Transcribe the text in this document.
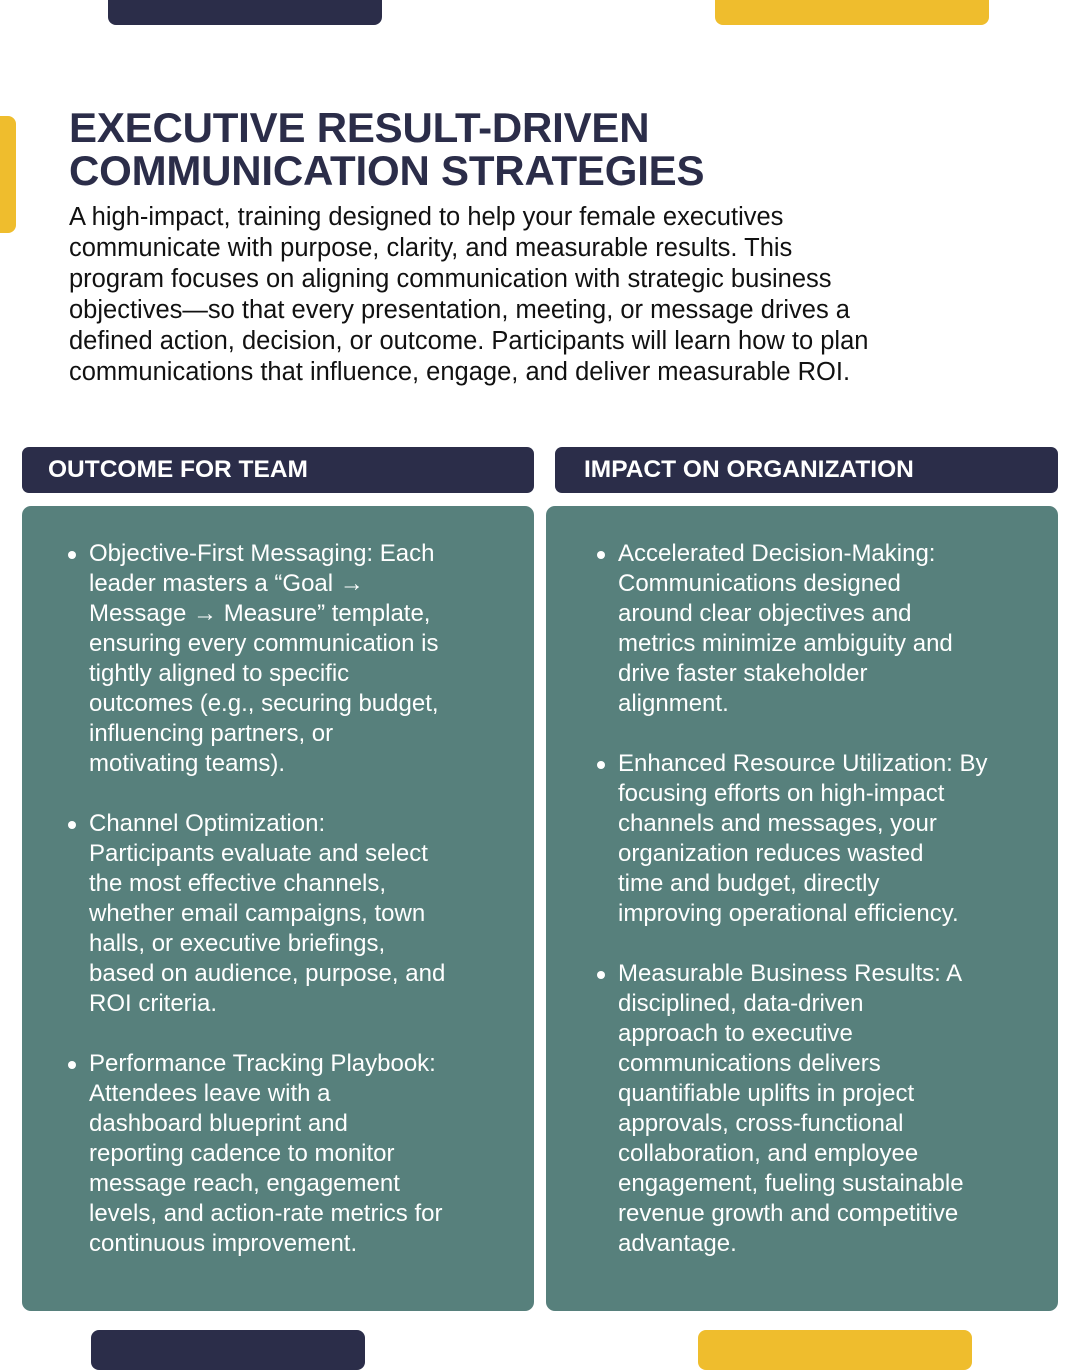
EXECUTIVE RESULT-DRIVEN
COMMUNICATION STRATEGIES

A high-impact, training designed to help your female executives
communicate with purpose, clarity, and measurable results. This
program focuses on aligning communication with strategic business
objectives—so that every presentation, meeting, or message drives a
defined action, decision, or outcome. Participants will learn how to plan
communications that influence, engage, and deliver measurable ROI.

OUTCOME FOR TEAM	IMPACT ON ORGANIZATION
Objective-First Messaging: Each
leader masters a “Goal →
Message → Measure” template,
ensuring every communication is
tightly aligned to specific
outcomes (e.g., securing budget,
influencing partners, or
motivating teams).
Channel Optimization:
Participants evaluate and select
the most effective channels,
whether email campaigns, town
halls, or executive briefings,
based on audience, purpose, and
ROI criteria.
Performance Tracking Playbook:
Attendees leave with a
dashboard blueprint and
reporting cadence to monitor
message reach, engagement
levels, and action-rate metrics for
continuous improvement.
Accelerated Decision-Making:
Communications designed
around clear objectives and
metrics minimize ambiguity and
drive faster stakeholder
alignment.
Enhanced Resource Utilization: By
focusing efforts on high-impact
channels and messages, your
organization reduces wasted
time and budget, directly
improving operational efficiency.
Measurable Business Results: A
disciplined, data-driven
approach to executive
communications delivers
quantifiable uplifts in project
approvals, cross-functional
collaboration, and employee
engagement, fueling sustainable
revenue growth and competitive
advantage.
